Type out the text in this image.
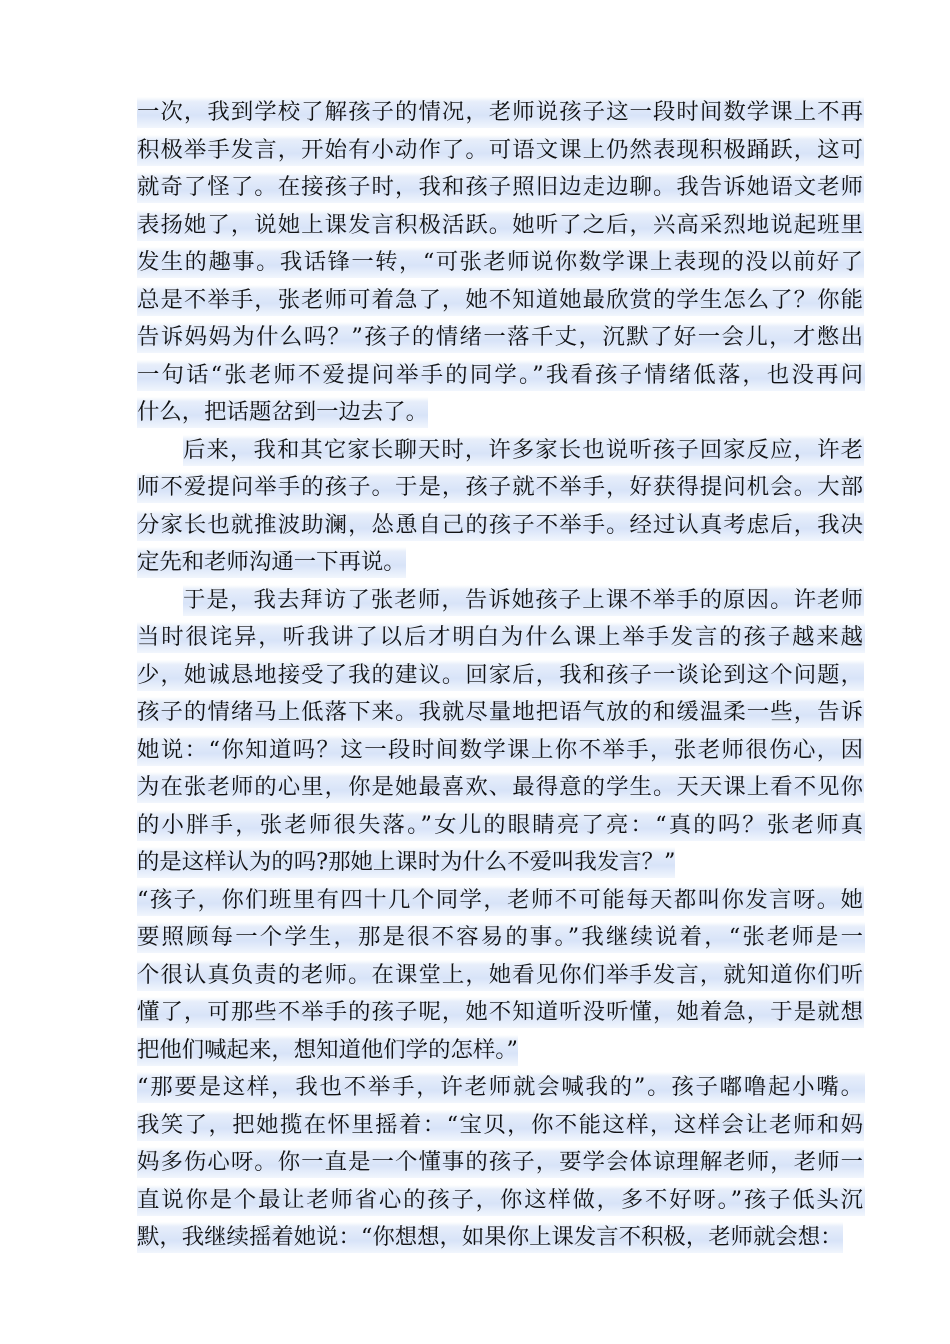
一次，我到学校了解孩子的情况，老师说孩子这一段时间数学课上不再
积极举手发言，开始有小动作了。可语文课上仍然表现积极踊跃，这可
就奇了怪了。在接孩子时，我和孩子照旧边走边聊。我告诉她语文老师
表扬她了，说她上课发言积极活跃。她听了之后，兴高采烈地说起班里
发生的趣事。我话锋一转，“可张老师说你数学课上表现的没以前好了
总是不举手，张老师可着急了，她不知道她最欣赏的学生怎么了？你能
告诉妈妈为什么吗？”孩子的情绪一落千丈，沉默了好一会儿，才憋出
一句话“张老师不爱提问举手的同学。”我看孩子情绪低落，也没再问
什么，把话题岔到一边去了。
后来，我和其它家长聊天时，许多家长也说听孩子回家反应，许老
师不爱提问举手的孩子。于是，孩子就不举手，好获得提问机会。大部
分家长也就推波助澜，怂恿自己的孩子不举手。经过认真考虑后，我决
定先和老师沟通一下再说。
于是，我去拜访了张老师，告诉她孩子上课不举手的原因。许老师
当时很诧异，听我讲了以后才明白为什么课上举手发言的孩子越来越
少，她诚恳地接受了我的建议。回家后，我和孩子一谈论到这个问题，
孩子的情绪马上低落下来。我就尽量地把语气放的和缓温柔一些，告诉
她说：“你知道吗？这一段时间数学课上你不举手，张老师很伤心，因
为在张老师的心里，你是她最喜欢、最得意的学生。天天课上看不见你
的小胖手，张老师很失落。”女儿的眼睛亮了亮：“真的吗？张老师真
的是这样认为的吗?那她上课时为什么不爱叫我发言？”
“孩子，你们班里有四十几个同学，老师不可能每天都叫你发言呀。她
要照顾每一个学生，那是很不容易的事。”我继续说着，“张老师是一
个很认真负责的老师。在课堂上，她看见你们举手发言，就知道你们听
懂了，可那些不举手的孩子呢，她不知道听没听懂，她着急，于是就想
把他们喊起来，想知道他们学的怎样。”
“那要是这样，我也不举手，许老师就会喊我的”。孩子嘟噜起小嘴。
我笑了，把她揽在怀里摇着：“宝贝，你不能这样，这样会让老师和妈
妈多伤心呀。你一直是一个懂事的孩子，要学会体谅理解老师，老师一
直说你是个最让老师省心的孩子，你这样做，多不好呀。”孩子低头沉
默，我继续摇着她说：“你想想，如果你上课发言不积极，老师就会想：
